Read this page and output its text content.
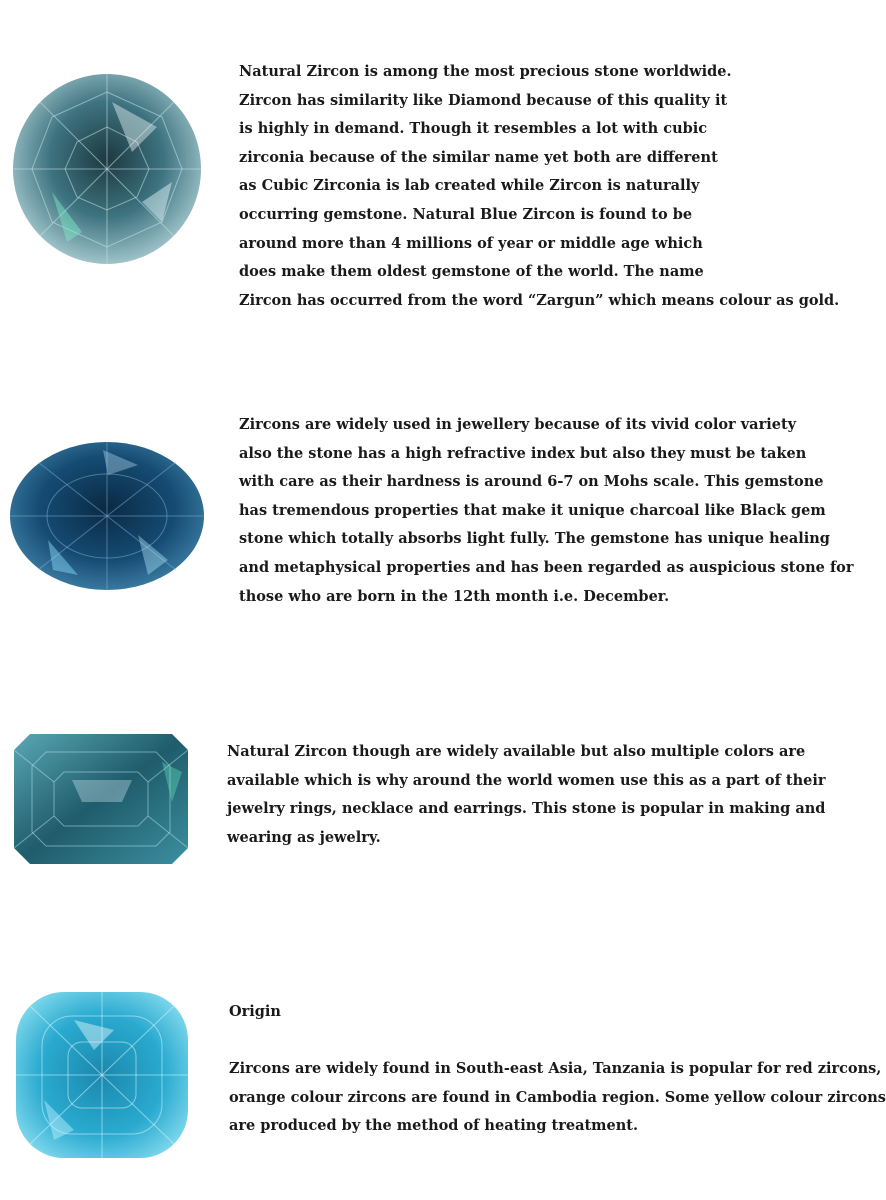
Natural Zircon is among the most precious stone worldwide.

Zircon has similarity like Diamond because of this quality it

is highly in demand. Though it resembles a lot with cubic

zirconia because of the similar name yet both are different

as Cubic Zirconia is lab created while Zircon is naturally

occurring gemstone. Natural Blue Zircon is found to be

around more than 4 millions of year or middle age which

does make them oldest gemstone of the world. The name

Zircon has occurred from the word “Zargun” which means colour as gold.

Zircons are widely used in jewellery because of its vivid color variety

also the stone has a high refractive index but also they must be taken

with care as their hardness is around 6-7 on Mohs scale. This gemstone

has tremendous properties that make it unique charcoal like Black gem

stone which totally absorbs light fully. The gemstone has unique healing

and metaphysical properties and has been regarded as auspicious stone for

those who are born in the 12th month i.e. December.

Natural Zircon though are widely available but also multiple colors are

available which is why around the world women use this as a part of their

jewelry rings, necklace and earrings. This stone is popular in making and

wearing as jewelry.

Origin

Zircons are widely found in South-east Asia, Tanzania is popular for red zircons,

orange colour zircons are found in Cambodia region. Some yellow colour zircons

are produced by the method of heating treatment.
